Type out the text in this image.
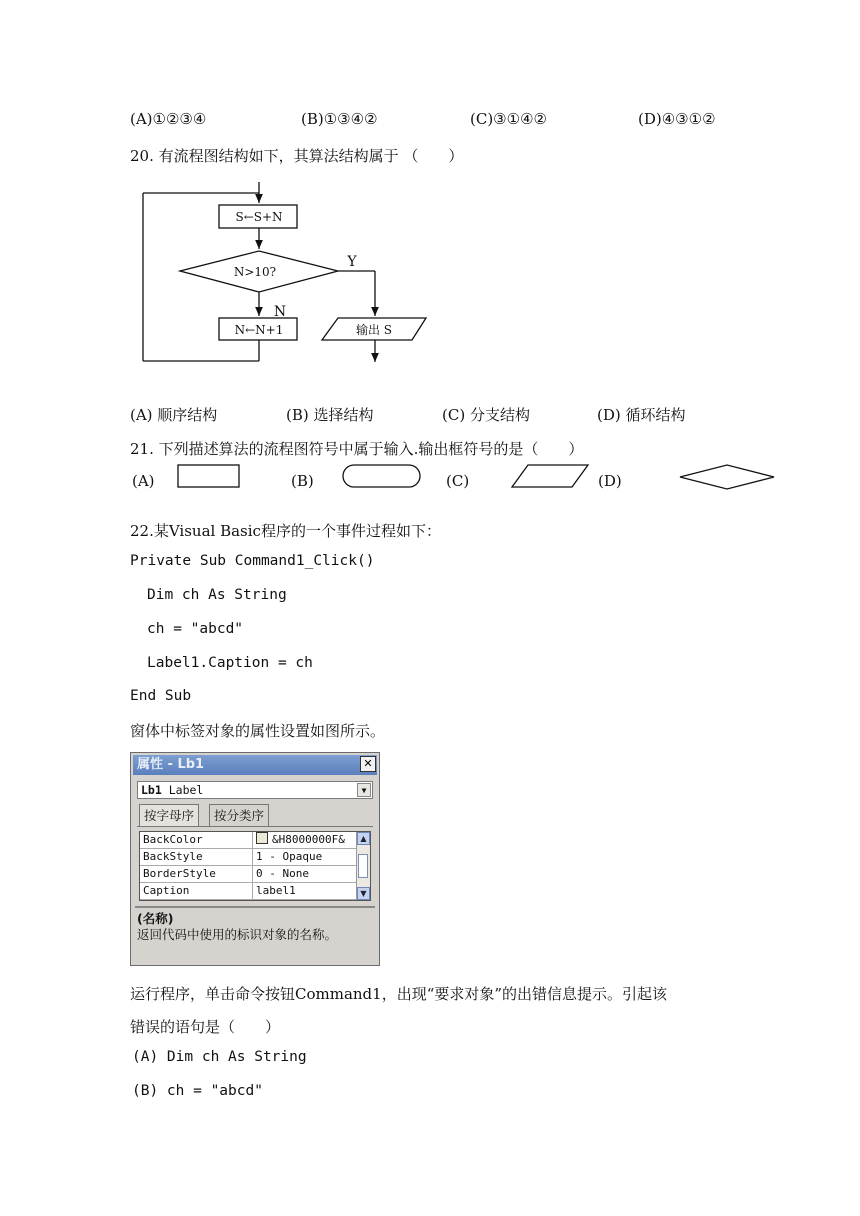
(A)①②③④	(B)①③④②	(C)③①④②	(D)④③①②
20. 有流程图结构如下，其算法结构属于 （　　）
S←S+N
N>10?
Y
N
N←N+1	输出 S
(A) 顺序结构	(B) 选择结构	(C) 分支结构	(D) 循环结构
21. 下列描述算法的流程图符号中属于输入.输出框符号的是（　　）
(A)	(B)	(C)	(D)
22.某Visual Basic程序的一个事件过程如下：
Private Sub Command1_Click()
Dim ch As String
ch = "abcd"
Label1.Caption = ch
End Sub
窗体中标签对象的属性设置如图所示。
属性 - Lb1	✕
Lb1 Label	▼
按字母序	按分类序
BackColor	&H8000000F&
BackStyle	1 - Opaque
BorderStyle	0 - None
Caption	label1
▲
▼
(名称)
返回代码中使用的标识对象的名称。
运行程序，单击命令按钮Command1，出现“要求对象”的出错信息提示。引起该
错误的语句是（　　）
(A) Dim ch As String
(B) ch = "abcd"
